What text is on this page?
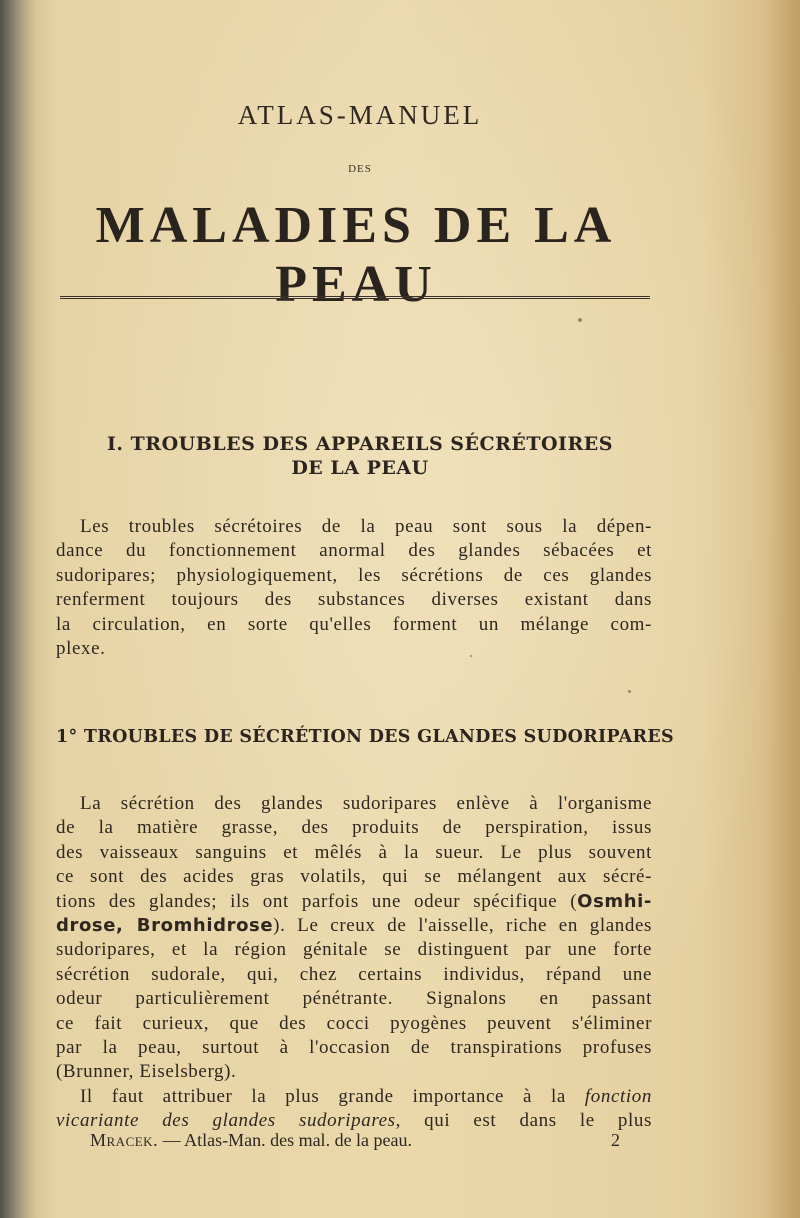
ATLAS-MANUEL
DES
MALADIES DE LA PEAU
I. TROUBLES DES APPAREILS SÉCRÉTOIRES
DE LA PEAU
Les troubles sécrétoires de la peau sont sous la dépen-
dance du fonctionnement anormal des glandes sébacées et
sudoripares; physiologiquement, les sécrétions de ces glandes
renferment toujours des substances diverses existant dans
la circulation, en sorte qu'elles forment un mélange com-
plexe.
1° TROUBLES DE SÉCRÉTION DES GLANDES SUDORIPARES
La sécrétion des glandes sudoripares enlève à l'organisme
de la matière grasse, des produits de perspiration, issus
des vaisseaux sanguins et mêlés à la sueur. Le plus souvent
ce sont des acides gras volatils, qui se mélangent aux sécré-
tions des glandes; ils ont parfois une odeur spécifique (Osmhi-
drose, Bromhidrose). Le creux de l'aisselle, riche en glandes
sudoripares, et la région génitale se distinguent par une forte
sécrétion sudorale, qui, chez certains individus, répand une
odeur particulièrement pénétrante. Signalons en passant
ce fait curieux, que des cocci pyogènes peuvent s'éliminer
par la peau, surtout à l'occasion de transpirations profuses
(Brunner, Eiselsberg).
Il faut attribuer la plus grande importance à la fonction
vicariante des glandes sudoripares, qui est dans le plus
Mracek. — Atlas-Man. des mal. de la peau.	2
